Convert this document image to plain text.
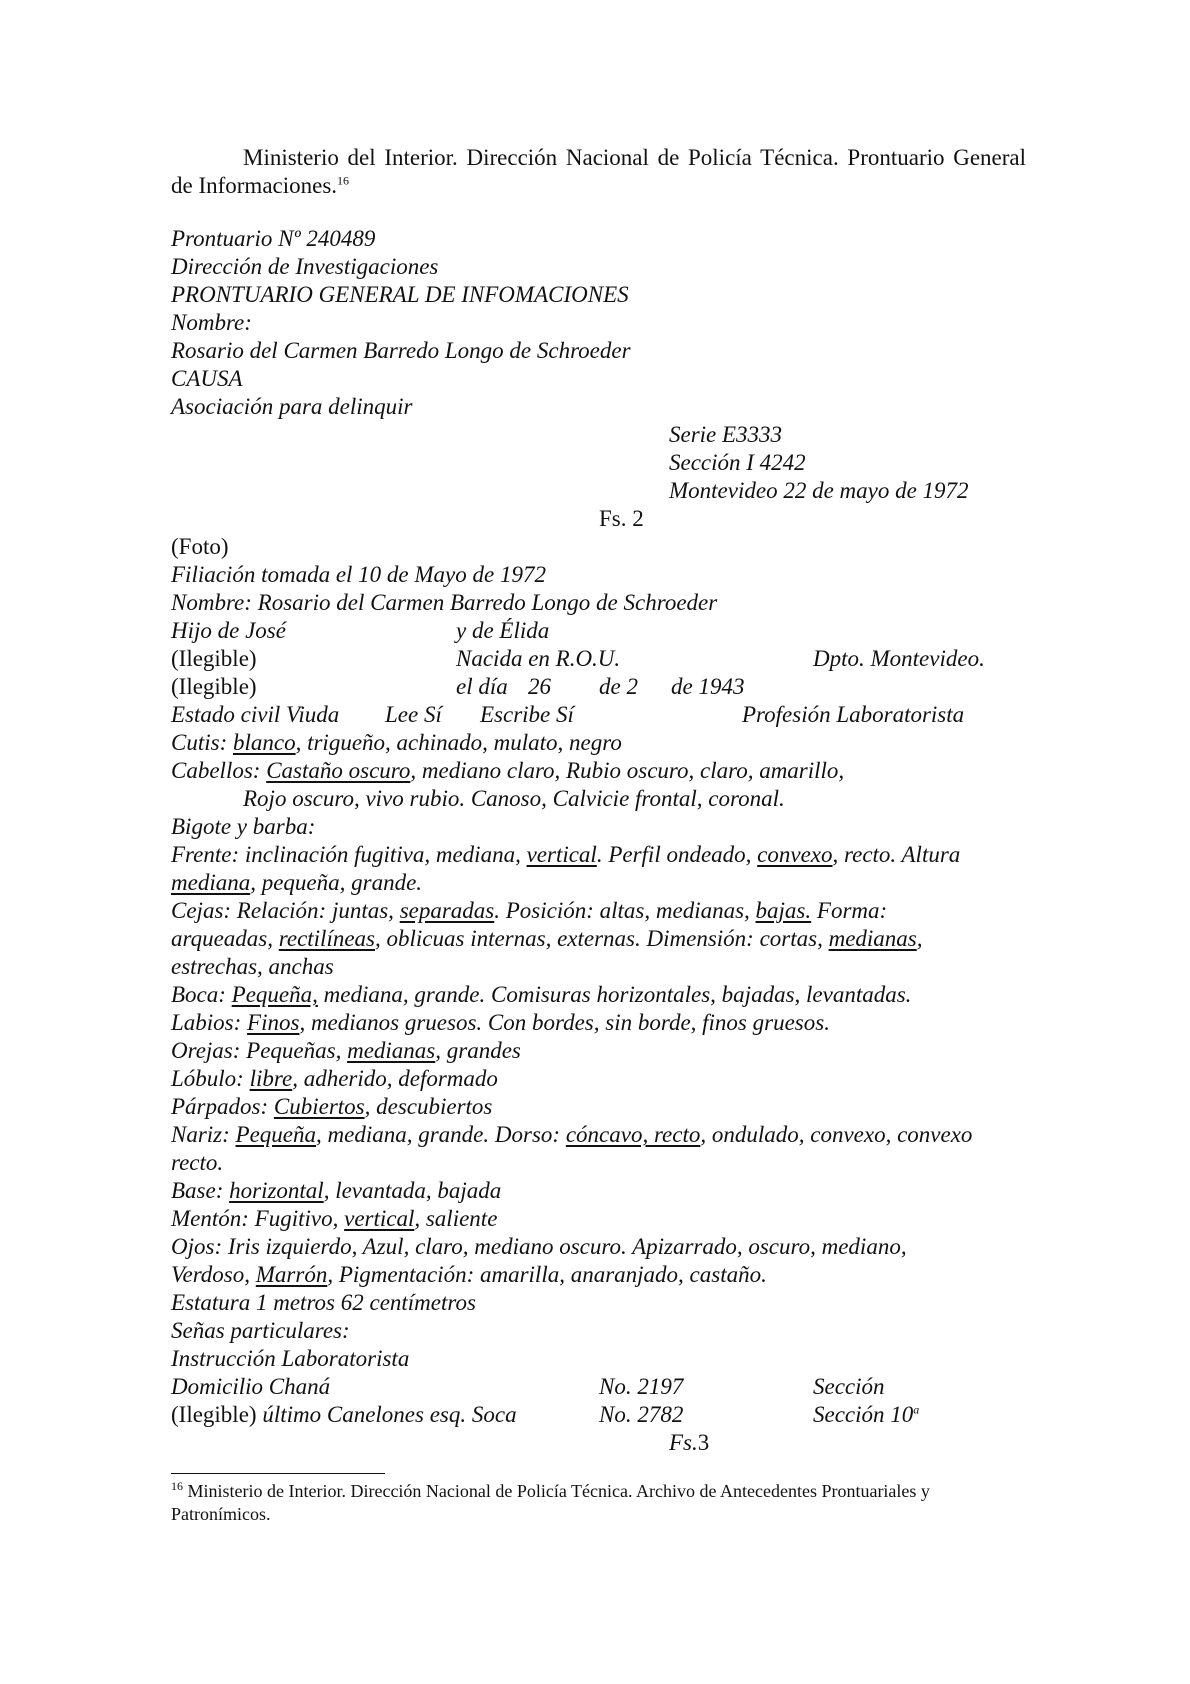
Ministerio del Interior. Dirección Nacional de Policía Técnica. Prontuario General de Informaciones.$^{16}$
Prontuario Nº 240489
Dirección de Investigaciones
PRONTUARIO GENERAL DE INFOMACIONES
Nombre:
Rosario del Carmen Barredo Longo de Schroeder
CAUSA
Asociación para delinquir
Serie E3333
Sección I 4242
Montevideo 22 de mayo de 1972
Fs. 2
(Foto)
Filiación tomada el 10 de Mayo de 1972
Nombre: Rosario del Carmen Barredo Longo de Schroeder
Hijo de José	y de Élida
(Ilegible)	Nacida en R.O.U.	Dpto. Montevideo.
(Ilegible)	el día 26 de 2 de 1943
Estado civil Viuda Lee Sí Escribe Sí	Profesión Laboratorista
Cutis: blanco, trigueño, achinado, mulato, negro
Cabellos: Castaño oscuro, mediano claro, Rubio oscuro, claro, amarillo,
Rojo oscuro, vivo rubio. Canoso, Calvicie frontal, coronal.
Bigote y barba:
Frente: inclinación fugitiva, mediana, vertical. Perfil ondeado, convexo, recto. Altura
mediana, pequeña, grande.
Cejas: Relación: juntas, separadas. Posición: altas, medianas, bajas. Forma:
arqueadas, rectilíneas, oblicuas internas, externas. Dimensión: cortas, medianas,
estrechas, anchas
Boca: Pequeña, mediana, grande. Comisuras horizontales, bajadas, levantadas.
Labios: Finos, medianos gruesos. Con bordes, sin borde, finos gruesos.
Orejas: Pequeñas, medianas, grandes
Lóbulo: libre, adherido, deformado
Párpados: Cubiertos, descubiertos
Nariz: Pequeña, mediana, grande. Dorso: cóncavo, recto, ondulado, convexo, convexo
recto.
Base: horizontal, levantada, bajada
Mentón: Fugitivo, vertical, saliente
Ojos: Iris izquierdo, Azul, claro, mediano oscuro. Apizarrado, oscuro, mediano,
Verdoso, Marrón, Pigmentación: amarilla, anaranjado, castaño.
Estatura 1 metros 62 centímetros
Señas particulares:
Instrucción Laboratorista
Domicilio Chaná	No. 2197	Sección
(Ilegible) último Canelones esq. Soca	No. 2782	Sección 10$^a$
Fs.3
$^{16}$ Ministerio de Interior. Dirección Nacional de Policía Técnica. Archivo de Antecedentes Prontuariales y Patronímicos.
